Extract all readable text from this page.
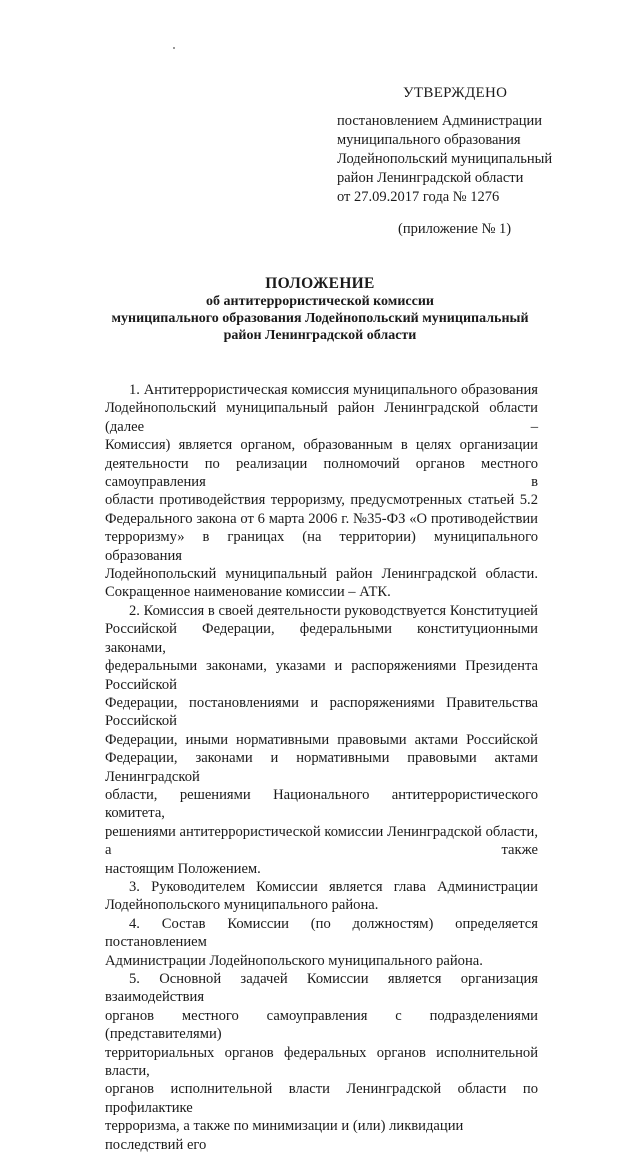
УТВЕРЖДЕНО

постановлением Администрации
муниципального образования
Лодейнопольский муниципальный
район Ленинградской области
от 27.09.2017 года № 1276

(приложение № 1)

ПОЛОЖЕНИЕ
об антитеррористической комиссии
муниципального образования Лодейнопольский муниципальный
район Ленинградской области
1. Антитеррористическая комиссия муниципального образования
Лодейнопольский муниципальный район Ленинградской области (далее –
Комиссия) является органом, образованным в целях организации
деятельности по реализации полномочий органов местного самоуправления в
области противодействия терроризму, предусмотренных статьей 5.2
Федерального закона от 6 марта 2006 г. №35-ФЗ «О противодействии
терроризму» в границах (на территории) муниципального образования
Лодейнопольский муниципальный район Ленинградской области.
Сокращенное наименование комиссии – АТК.
2. Комиссия в своей деятельности руководствуется Конституцией
Российской Федерации, федеральными конституционными законами,
федеральными законами, указами и распоряжениями Президента Российской
Федерации, постановлениями и распоряжениями Правительства Российской
Федерации, иными нормативными правовыми актами Российской
Федерации, законами и нормативными правовыми актами Ленинградской
области, решениями Национального антитеррористического комитета,
решениями антитеррористической комиссии Ленинградской области, а также
настоящим Положением.
3. Руководителем Комиссии является глава Администрации
Лодейнопольского муниципального района.
4. Состав Комиссии (по должностям) определяется постановлением
Администрации Лодейнопольского муниципального района.
5. Основной задачей Комиссии является организация взаимодействия
органов местного самоуправления с подразделениями (представителями)
территориальных органов федеральных органов исполнительной власти,
органов исполнительной власти Ленинградской области по профилактике
терроризма, а также по минимизации и (или) ликвидации последствий его
